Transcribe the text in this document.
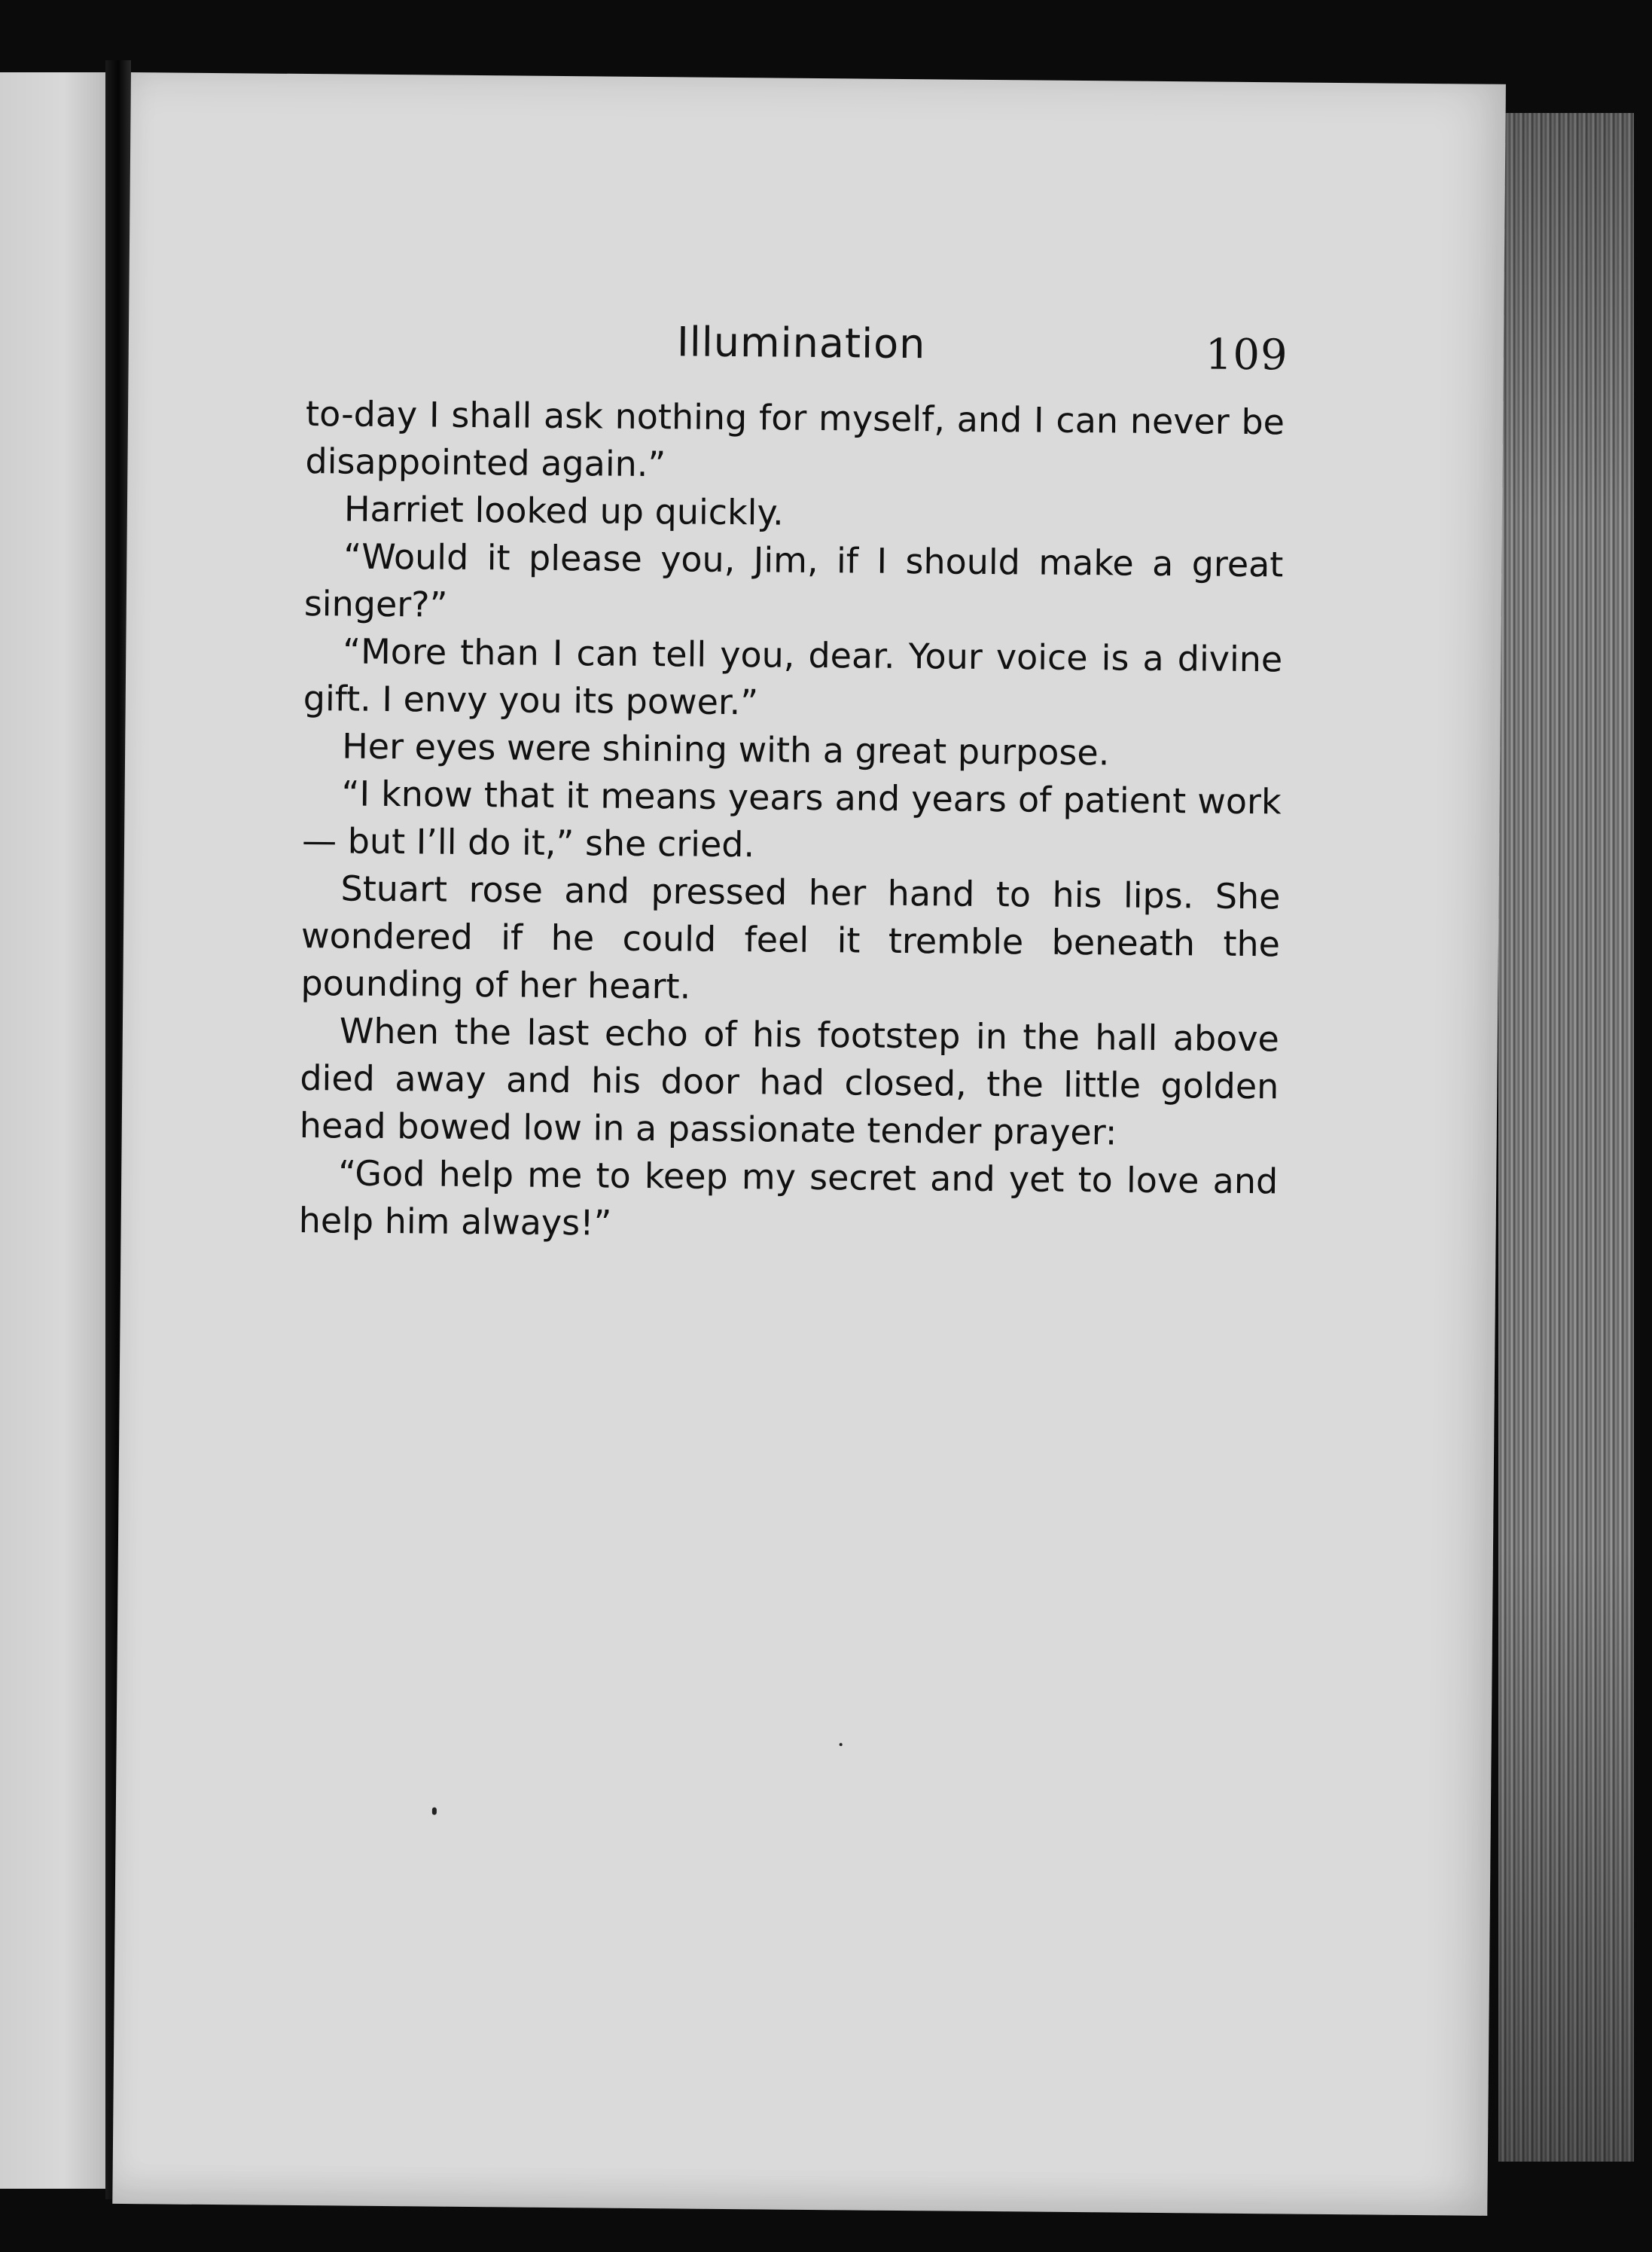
Illumination	109

to-day I shall ask nothing for myself, and I can never be disappointed again.”

Harriet looked up quickly.

“Would it please you, Jim, if I should make a great singer?”

“More than I can tell you, dear. Your voice is a divine gift. I envy you its power.”

Her eyes were shining with a great purpose.

“I know that it means years and years of patient work — but I’ll do it,” she cried.

Stuart rose and pressed her hand to his lips. She wondered if he could feel it tremble beneath the pounding of her heart.

When the last echo of his footstep in the hall above died away and his door had closed, the little golden head bowed low in a passionate tender prayer:

“God help me to keep my secret and yet to love and help him always!”
